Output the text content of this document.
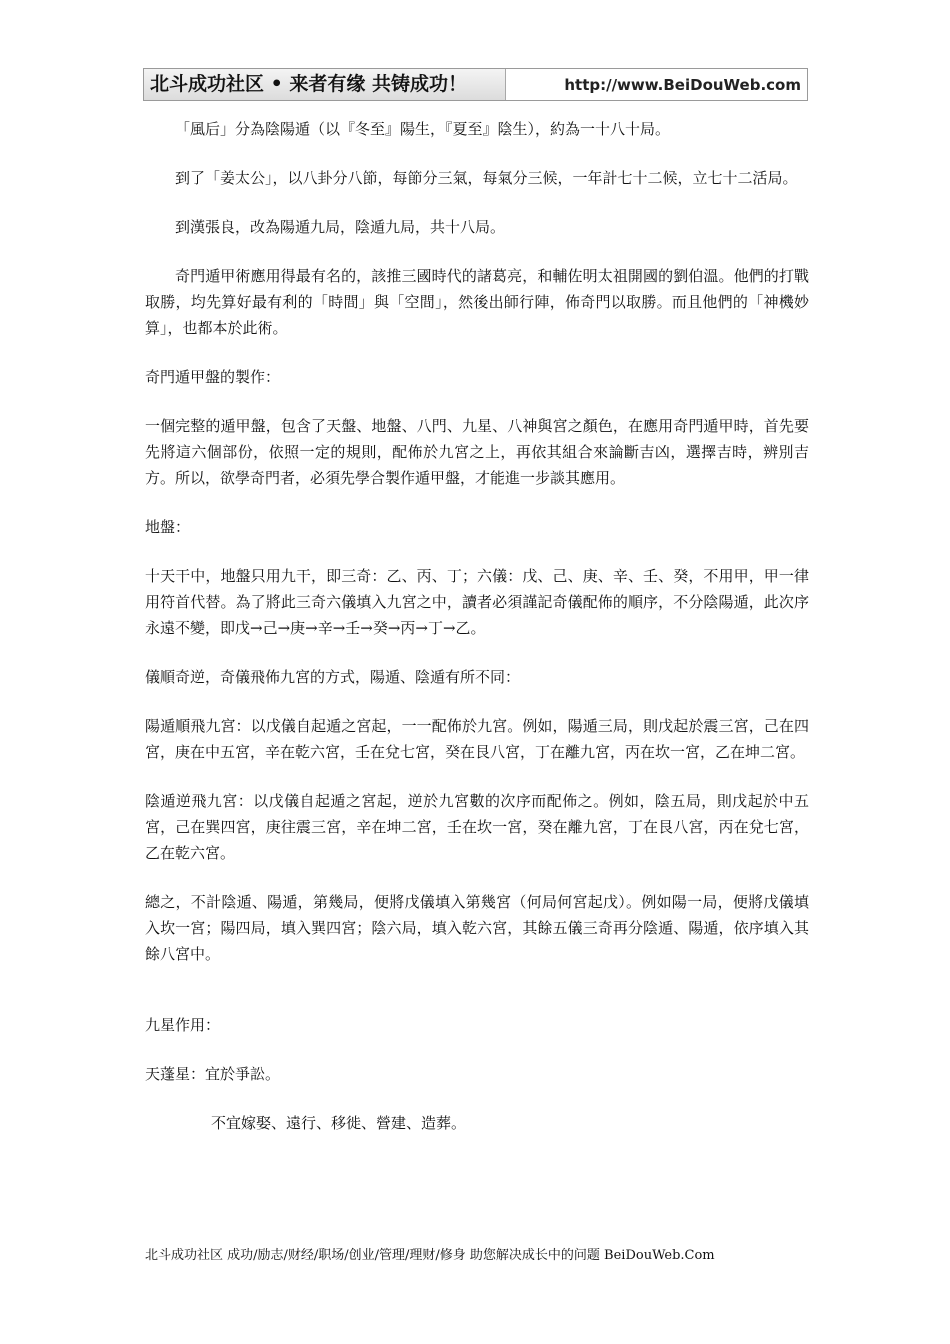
北斗成功社区 • 来者有缘 共铸成功！	http://www.BeiDouWeb.com

「風后」分為陰陽遁（以『冬至』陽生，『夏至』陰生），約為一十八十局。

到了「姜太公」，以八卦分八節，每節分三氣，每氣分三候，一年計七十二候，立七十二活局。

到漢張良，改為陽遁九局，陰遁九局，共十八局。

奇門遁甲術應用得最有名的，該推三國時代的諸葛亮，和輔佐明太祖開國的劉伯溫。他們的打戰取勝，均先算好最有利的「時間」與「空間」，然後出師行陣，佈奇門以取勝。而且他們的「神機妙算」，也都本於此術。

奇門遁甲盤的製作：

一個完整的遁甲盤，包含了天盤、地盤、八門、九星、八神與宮之顏色，在應用奇門遁甲時，首先要先將這六個部份，依照一定的規則，配佈於九宮之上，再依其組合來論斷吉凶，選擇吉時，辨別吉方。所以，欲學奇門者，必須先學合製作遁甲盤，才能進一步談其應用。

地盤：

十天干中，地盤只用九干，即三奇：乙、丙、丁；六儀：戊、己、庚、辛、壬、癸，不用甲，甲一律用符首代替。為了將此三奇六儀填入九宮之中，讀者必須謹記奇儀配佈的順序，不分陰陽遁，此次序永遠不變，即戊→己→庚→辛→壬→癸→丙→丁→乙。

儀順奇逆，奇儀飛佈九宮的方式，陽遁、陰遁有所不同：

陽遁順飛九宮：以戊儀自起遁之宮起，一一配佈於九宮。例如，陽遁三局，則戊起於震三宮，己在四宮，庚在中五宮，辛在乾六宮，壬在兌七宮，癸在艮八宮，丁在離九宮，丙在坎一宮，乙在坤二宮。

陰遁逆飛九宮：以戊儀自起遁之宮起，逆於九宮數的次序而配佈之。例如，陰五局，則戊起於中五宮，己在巽四宮，庚往震三宮，辛在坤二宮，壬在坎一宮，癸在離九宮，丁在艮八宮，丙在兌七宮，乙在乾六宮。

總之，不計陰遁、陽遁，第幾局，便將戊儀填入第幾宮（何局何宮起戊）。例如陽一局，便將戊儀填入坎一宮；陽四局，填入巽四宮；陰六局，填入乾六宮，其餘五儀三奇再分陰遁、陽遁，依序填入其餘八宮中。

九星作用：

天蓬星：宜於爭訟。

不宜嫁娶、遠行、移徙、營建、造葬。

北斗成功社区 成功/励志/财经/职场/创业/管理/理财/修身 助您解决成长中的问题 BeiDouWeb.Com
